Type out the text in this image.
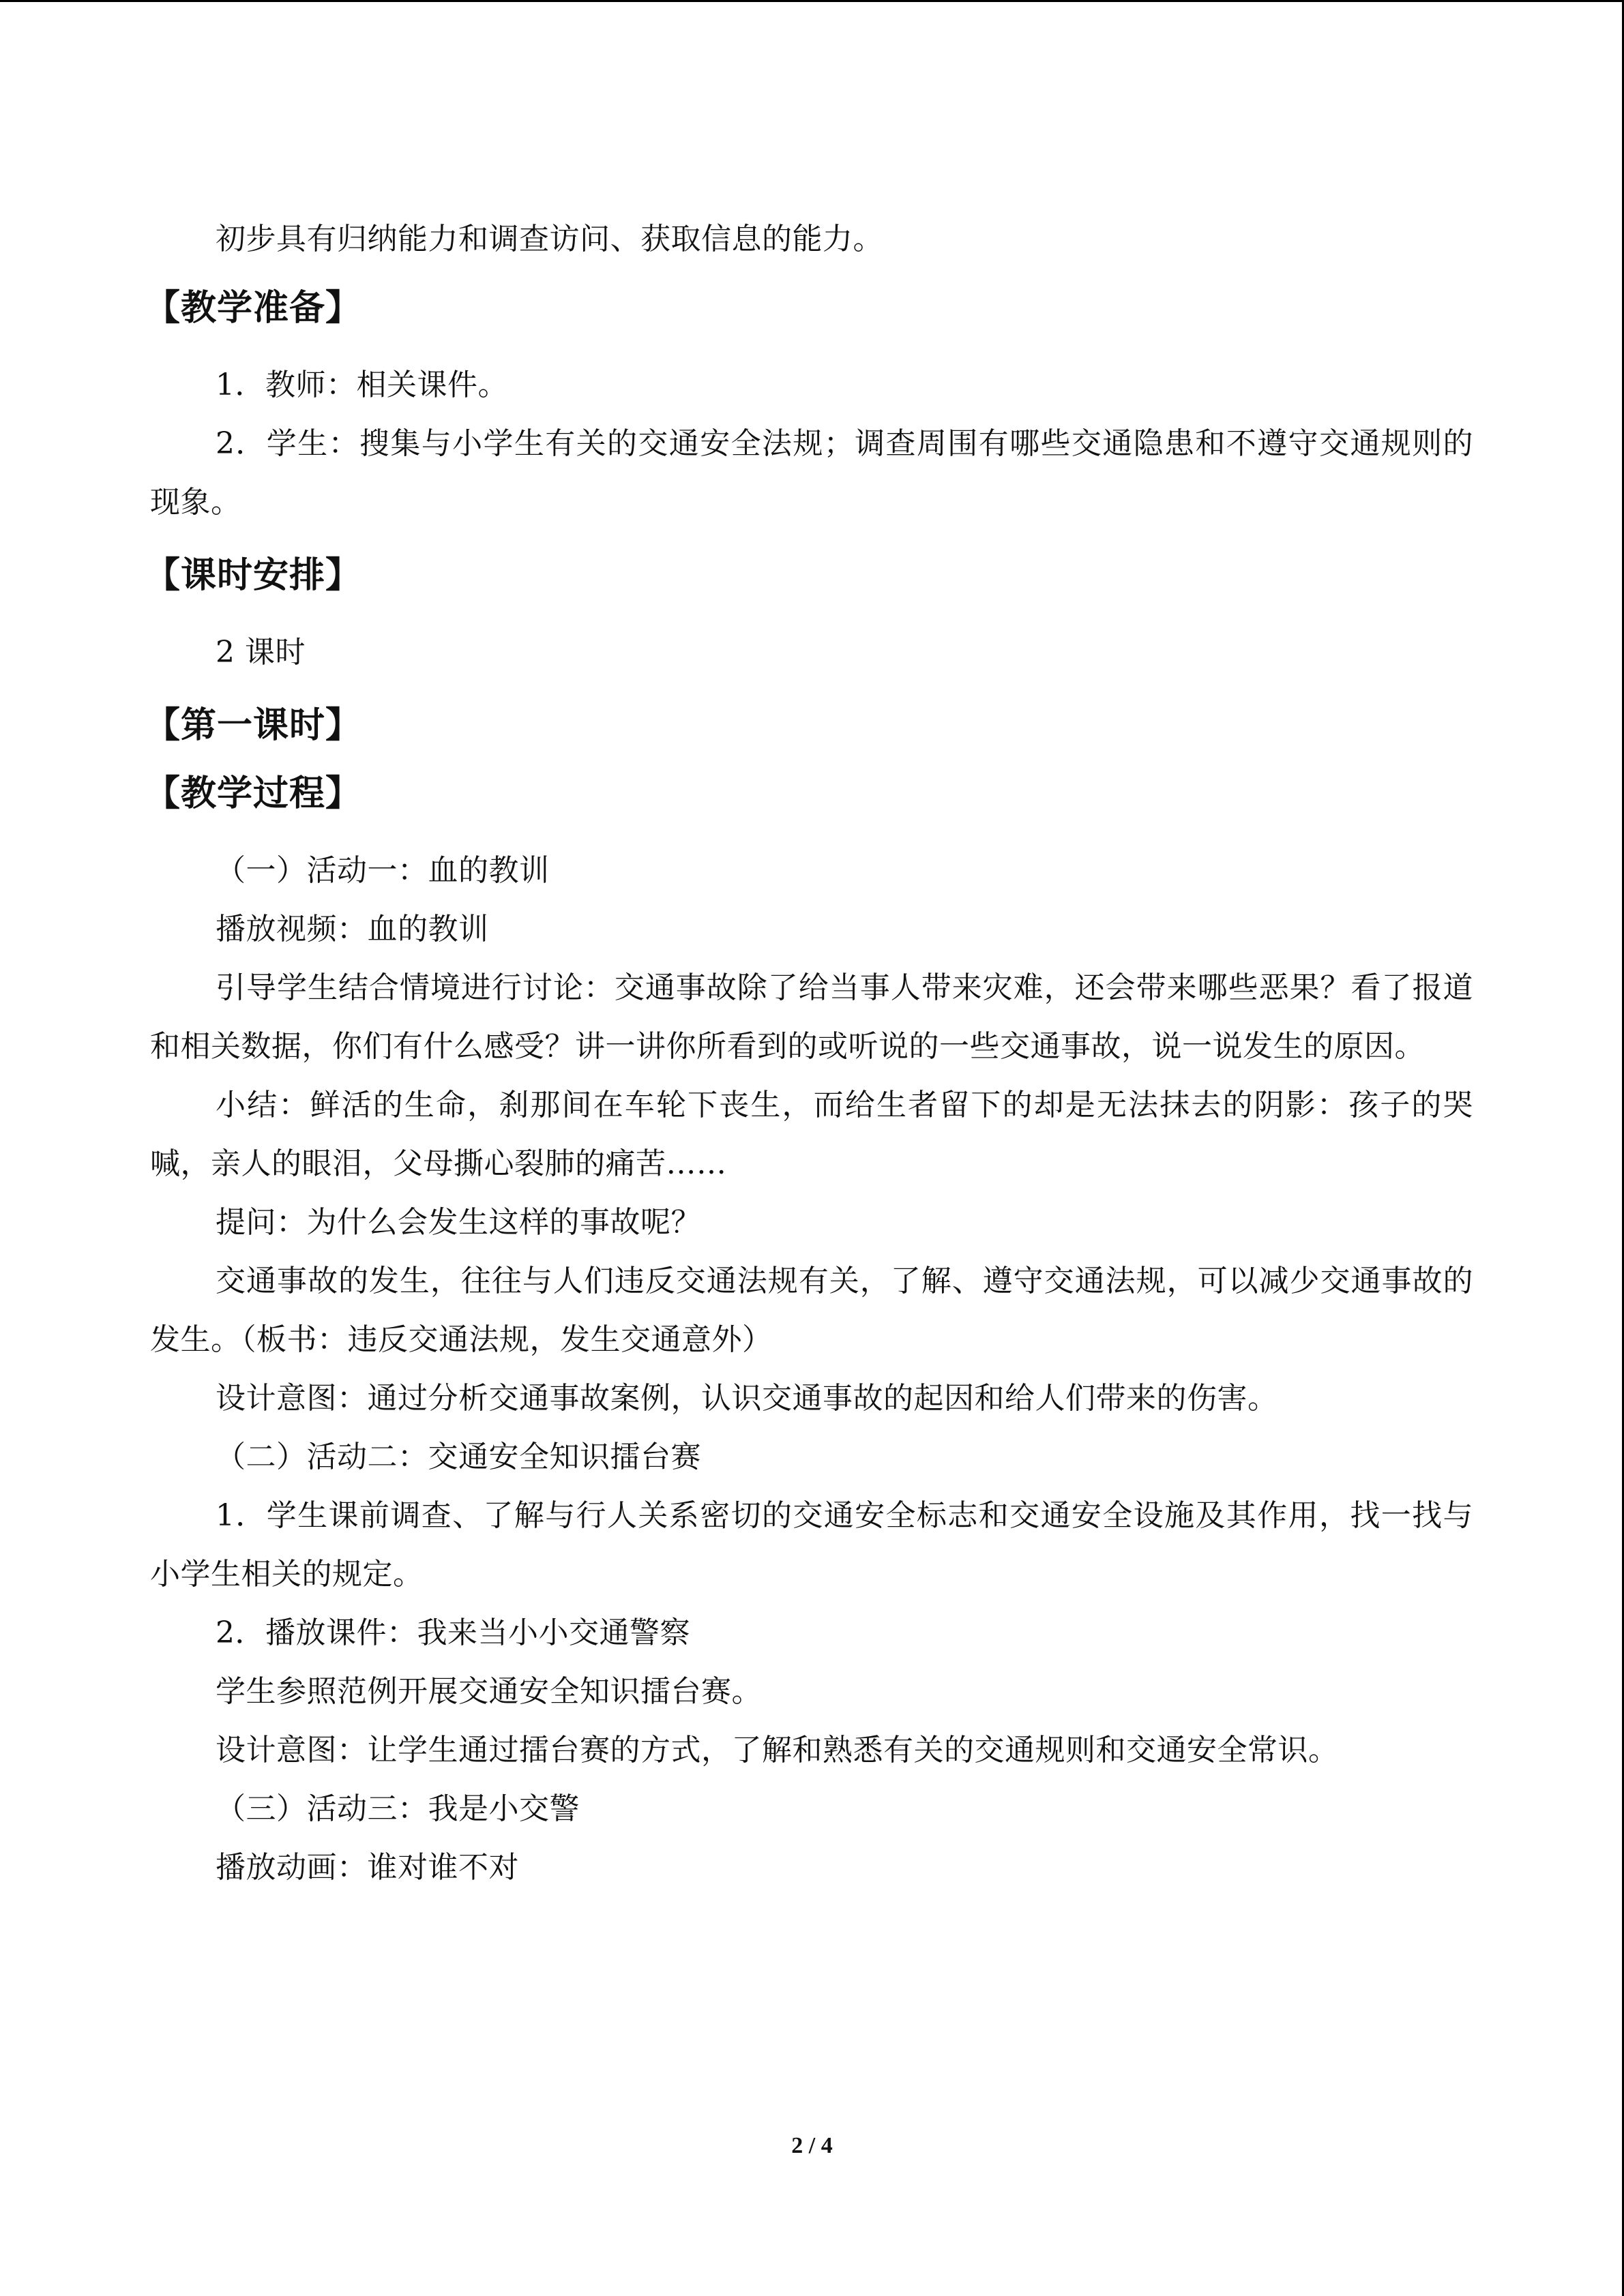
初步具有归纳能力和调查访问、获取信息的能力。

【教学准备】

1．教师：相关课件。

2．学生：搜集与小学生有关的交通安全法规；调查周围有哪些交通隐患和不遵守交通规则的现象。

【课时安排】

2 课时

【第一课时】
【教学过程】

（一）活动一：血的教训

播放视频：血的教训

引导学生结合情境进行讨论：交通事故除了给当事人带来灾难，还会带来哪些恶果？看了报道和相关数据，你们有什么感受？讲一讲你所看到的或听说的一些交通事故，说一说发生的原因。

小结：鲜活的生命，刹那间在车轮下丧生，而给生者留下的却是无法抹去的阴影：孩子的哭喊，亲人的眼泪，父母撕心裂肺的痛苦……

提问：为什么会发生这样的事故呢？

交通事故的发生，往往与人们违反交通法规有关，了解、遵守交通法规，可以减少交通事故的发生。（板书：违反交通法规，发生交通意外）

设计意图：通过分析交通事故案例，认识交通事故的起因和给人们带来的伤害。

（二）活动二：交通安全知识擂台赛

1．学生课前调查、了解与行人关系密切的交通安全标志和交通安全设施及其作用，找一找与小学生相关的规定。

2．播放课件：我来当小小交通警察

学生参照范例开展交通安全知识擂台赛。

设计意图：让学生通过擂台赛的方式，了解和熟悉有关的交通规则和交通安全常识。

（三）活动三：我是小交警

播放动画：谁对谁不对

2 / 4
